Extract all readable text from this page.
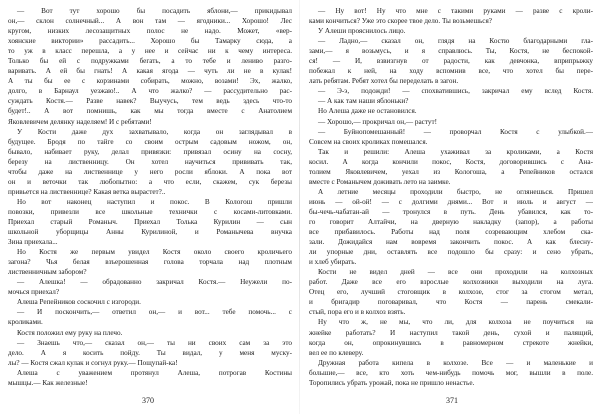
— Вот тут хорошо бы посадить яблони,— прикидывал
он,— склон солнечный... А вон там — ягодники... Хорошо! Лес
кругом, низких лесозащитных полос не надо. Может, «вер-
хоянские виктории» рассадить... Хорошо бы Тамарку сюда, а
то уж в класс перешла, а у нее и сейчас ни к чему интереса.
Только бы ей с подружками бегать, а то тебе и лениво разго-
варивать. А ей бы гнать! А какая ягода — чуть ли не в кулак!
А ты бы ее с корзинами собирать, можно, возами! Эх, жалко,
долго, в Барнаул уезжаю!.. А что жалко? — рассудительно рас-
суждать Костя.— Разве навек? Выучусь, тем ведь здесь что-то
будет!.. А вот помнишь, как мы тогда вместе с Анатолием
Яковлевичем делянку наделяем! И с ребятами!
У Кости даже дух захватывало, когда он заглядывал в
будущее. Бродя по тайге со своим острым садовым ножом, он,
бывало, набивает руку, делал привязки: привязал осину на сосну,
березу на лиственницу. Он хотел научиться прививать так,
чтобы даже на лиственнице у него росли яблоки. А пока вот
он и веточки так любопытно: а что если, скажем, сук березы
привьется на лиственнице? Какая ветка вырастет?..
Но вот наконец наступил и покос. В Кологош пришли
повозки, привезли все школьные технички с косами-литовками.
Приехал старый Романыч. Приехал Толька Курилин — сын
школьной уборщицы Анны Курилиной, и Романычева внучка
Зина приехала...
Но Костя же первым увидел Костя около своего кроличьего
загона? Чья белая взъерошенная голова торчала над плотным
лиственничным забором?
— Алешка! — обрадованно закричал Костя.— Неужели по-
мочься приехал?
Алеша Репейников соскочил с изгороди.
— И поскончить,— ответил он,— и вот... тебе помочь... с
кроликами.
Костя положил ему руку на плечо.
— Знаешь что,— сказал он,— ты ни своих сам за это
дело. А я косить пойду. Ты видал, у меня муску-
лы? — Костя сжал кулак и согнул руку.— Пощупай-ка!
Алеша с уважением протянул Алеша, потрогав Костины
мышцы.— Как железные!
370
— Ну вот! Ну что мне с такими руками — разве с кроли-
ками кончиться? Уже это скорее твое дело. Ты возьмешься?
У Алеши прояснилось лицо.
— Ладно,— сказал он, глядя на Костю благодарными гла-
зами,— я возьмусь, и я справлюсь. Ты, Костя, не беспокой-
ся! — И, взвизгнув от радости, как девчонка, вприпрыжку
побежал к ней, на ходу вспомнив все, что хотел бы пере-
лать ребятам. Ребят хотел бы переделать в загон.
— Э-э, подожди! — спохватившись, закричал ему вслед Костя.
— А как там наши яблоньки?
Но Алеша даже не остановился.
— Хорошо,— прокричал он,— растут!
— Буйнопомешанный! — проворчал Костя с улыбкой.—
Совсем на своих кроликах помешался.
Так и решили: Алеша ухаживал за кроликами, а Костя
косил. А когда кончили покос, Костя, договорившись с Ана-
толием Яковлевичем, уехал из Кологоша, а Репейников остался
вместе с Романычем доживать лето на заимке.
А летние месяцы проходили быстро, не оглянешься. Пришел
июнь — ой-ой! — с долгими днями... Вот и июль и август —
бы-чечь-чабатан-ай — тронулся в путь. День убавился, как то-
го говорит Алтайчи, на дверную накладку (запор), а работы
все прибавилось. Работы над поля созревающим хлебом ска-
зали. Дожидайся нам вовремя закончить покос. А как блесну-
ли упорные дни, оставлять все подошло бы сразу: и сено убрать,
и хлеб убирать.
Кости не видел дней — все они проходили на колхозных
работ. Даже все его взрослые колхозники выходили на луга.
Отец его, лучший стоговщик в колхозе, стог за стогом метал,
и бригадир поговаривал, что Костя — парень смекали-
стый, пора его и в колхоз взять.
Ну что ж, не мы, что ли, для колхоза не поучиться на
жнейке работать? И наступил такой день, сухой и палящий,
когда он, опрокинувшись в равномерном стрекоте жнейки,
вел ее по клеверу.
Дружная работа кипела в колхозе. Все — и маленькие и
большие,— все, кто хоть чем-нибудь помочь мог, вышли в поле.
Торопились убрать урожай, пока не пришло ненастье.
371
